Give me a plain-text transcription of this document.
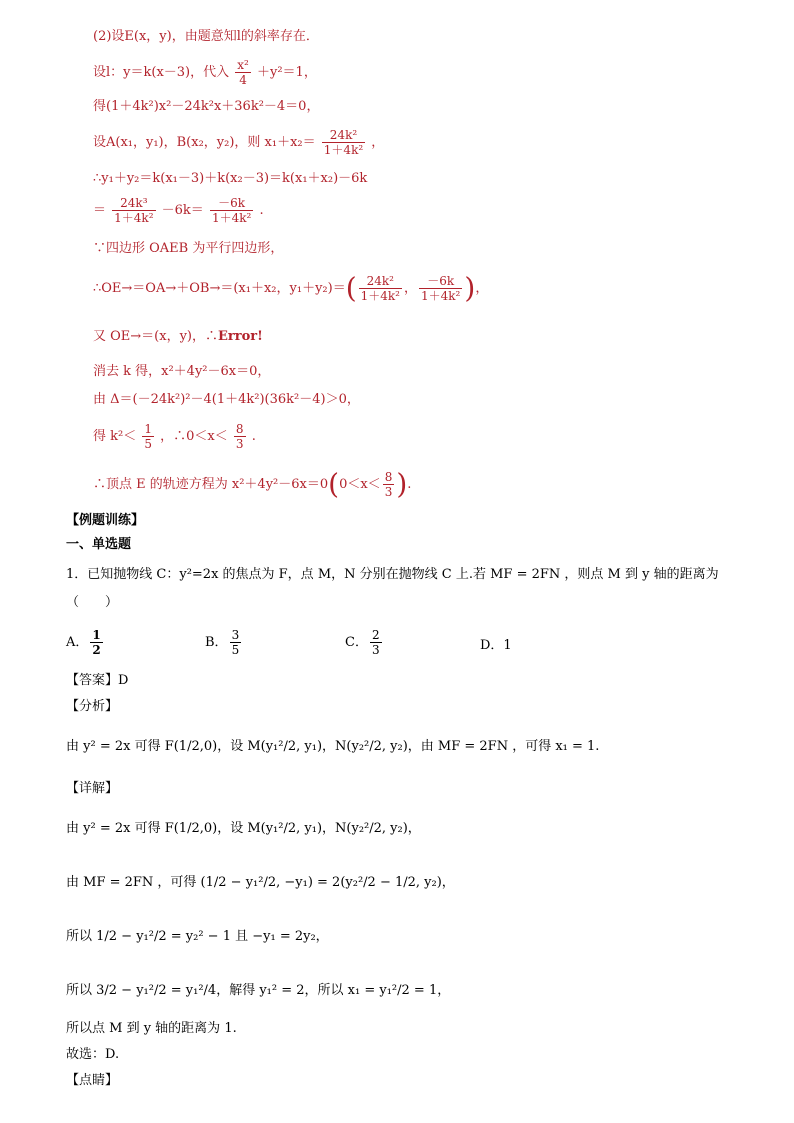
(2)设E(x，y)，由题意知l的斜率存在．
设l：y＝k(x－3)，代入 $\frac{\text{x²}}{4} +y^2=1$，
得(1＋4k²)x²－24k²x＋36k²－4＝0，
设A(x₁，y₁)，B(x₂，y₂)，则 $x_1+x_2= \frac{\text{24k²}}{\text{1＋4k²}}$ ，
∴y₁＋y₂＝k(x₁－3)＋k(x₂－3)＝k(x₁＋x₂)－6k
＝ $\frac{\text{24k³}}{\text{1＋4k²}} -6k= \frac{-6k}{\text{1＋4k²}}$ .
∵四边形 OAEB 为平行四边形，
∴OE→＝OA→＋OB→＝(x₁＋x₂，$y_1+y_2)=( \frac{\text{24k²}}{\text{1＋4k²}}$ ， $\frac{-6k}{\text{1＋4k²}}$ )，
又 OE→＝(x，y)，∴Error!
消去 k 得，x²＋4y²－6x＝0，
由 Δ＝(－24k²)²－4(1＋4k²)(36k²－4)＞0，
得 $k^2< \frac{1}{5}$ ，∴0＜x＜ $\frac{8}{3}$ .
∴顶点 E 的轨迹方程为 $x^2+4y^2-6x=0(0<x< \frac{8}{3}$ ).
【例题训练】
一、单选题
1．已知抛物线 C：y²=2x 的焦点为 F，点 M，N 分别在抛物线 C 上.若 MF = 2FN ，则点 M 到 y 轴的距离为
（　　）
A． $\frac{1}{2}$	B． $\frac{3}{5}$	C． $\frac{2}{3}$	D．1
【答案】D
【分析】
由 y² = 2x 可得 F(1/2,0)，设 M(y₁²/2, y₁)，N(y₂²/2, y₂)，由 MF = 2FN ，可得 x₁ = 1.
【详解】
由 y² = 2x 可得 F(1/2,0)，设 M(y₁²/2, y₁)，N(y₂²/2, y₂)，
由 MF = 2FN ，可得 (1/2 − y₁²/2, −y₁) = 2(y₂²/2 − 1/2, y₂)，
所以 1/2 − y₁²/2 = y₂² − 1 且 −y₁ = 2y₂，
所以 3/2 − y₁²/2 = y₁²/4，解得 y₁² = 2，所以 x₁ = y₁²/2 = 1，
所以点 M 到 y 轴的距离为 1.
故选：D.
【点睛】
